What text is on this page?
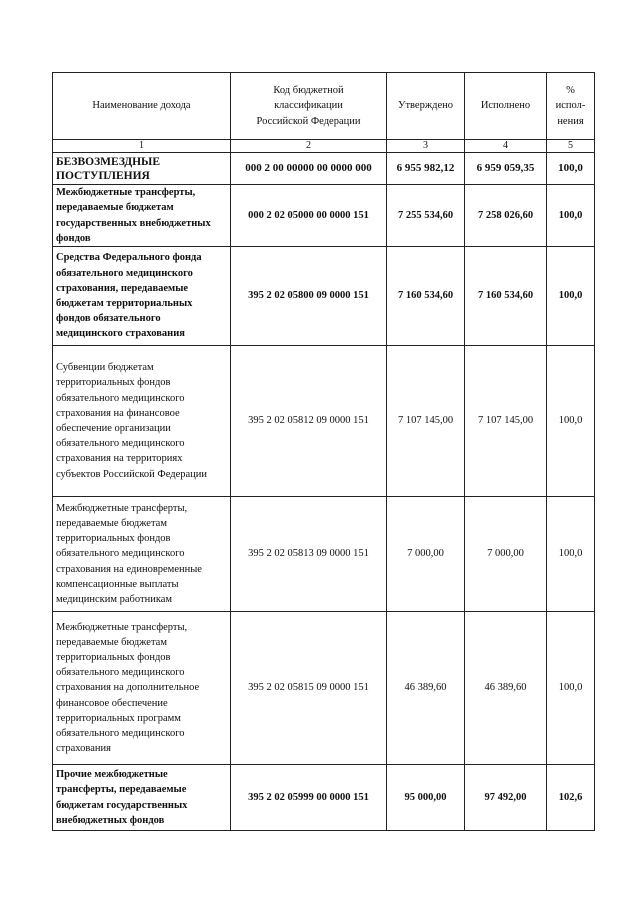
Наименование дохода	Код бюджетной классификации Российской Федерации	Утверждено	Исполнено	% испол-нения
1	2	3	4	5
БЕЗВОЗМЕЗДНЫЕ ПОСТУПЛЕНИЯ	000 2 00 00000 00 0000 000	6 955 982,12	6 959 059,35	100,0
Межбюджетные трансферты, передаваемые бюджетам государственных внебюджетных фондов	000 2 02 05000 00 0000 151	7 255 534,60	7 258 026,60	100,0
Средства Федерального фонда обязательного медицинского страхования, передаваемые бюджетам территориальных фондов обязательного медицинского страхования	395 2 02 05800 09 0000 151	7 160 534,60	7 160 534,60	100,0
Субвенции бюджетам территориальных фондов обязательного медицинского страхования на финансовое обеспечение организации обязательного медицинского страхования на территориях субъектов Российской Федерации	395 2 02 05812 09 0000 151	7 107 145,00	7 107 145,00	100,0
Межбюджетные трансферты, передаваемые бюджетам территориальных фондов обязательного медицинского страхования на единовременные компенсационные выплаты медицинским работникам	395 2 02 05813 09 0000 151	7 000,00	7 000,00	100,0
Межбюджетные трансферты, передаваемые бюджетам территориальных фондов обязательного медицинского страхования на дополнительное финансовое обеспечение территориальных программ обязательного медицинского страхования	395 2 02 05815 09 0000 151	46 389,60	46 389,60	100,0
Прочие межбюджетные трансферты, передаваемые бюджетам государственных внебюджетных фондов	395 2 02 05999 00 0000 151	95 000,00	97 492,00	102,6
